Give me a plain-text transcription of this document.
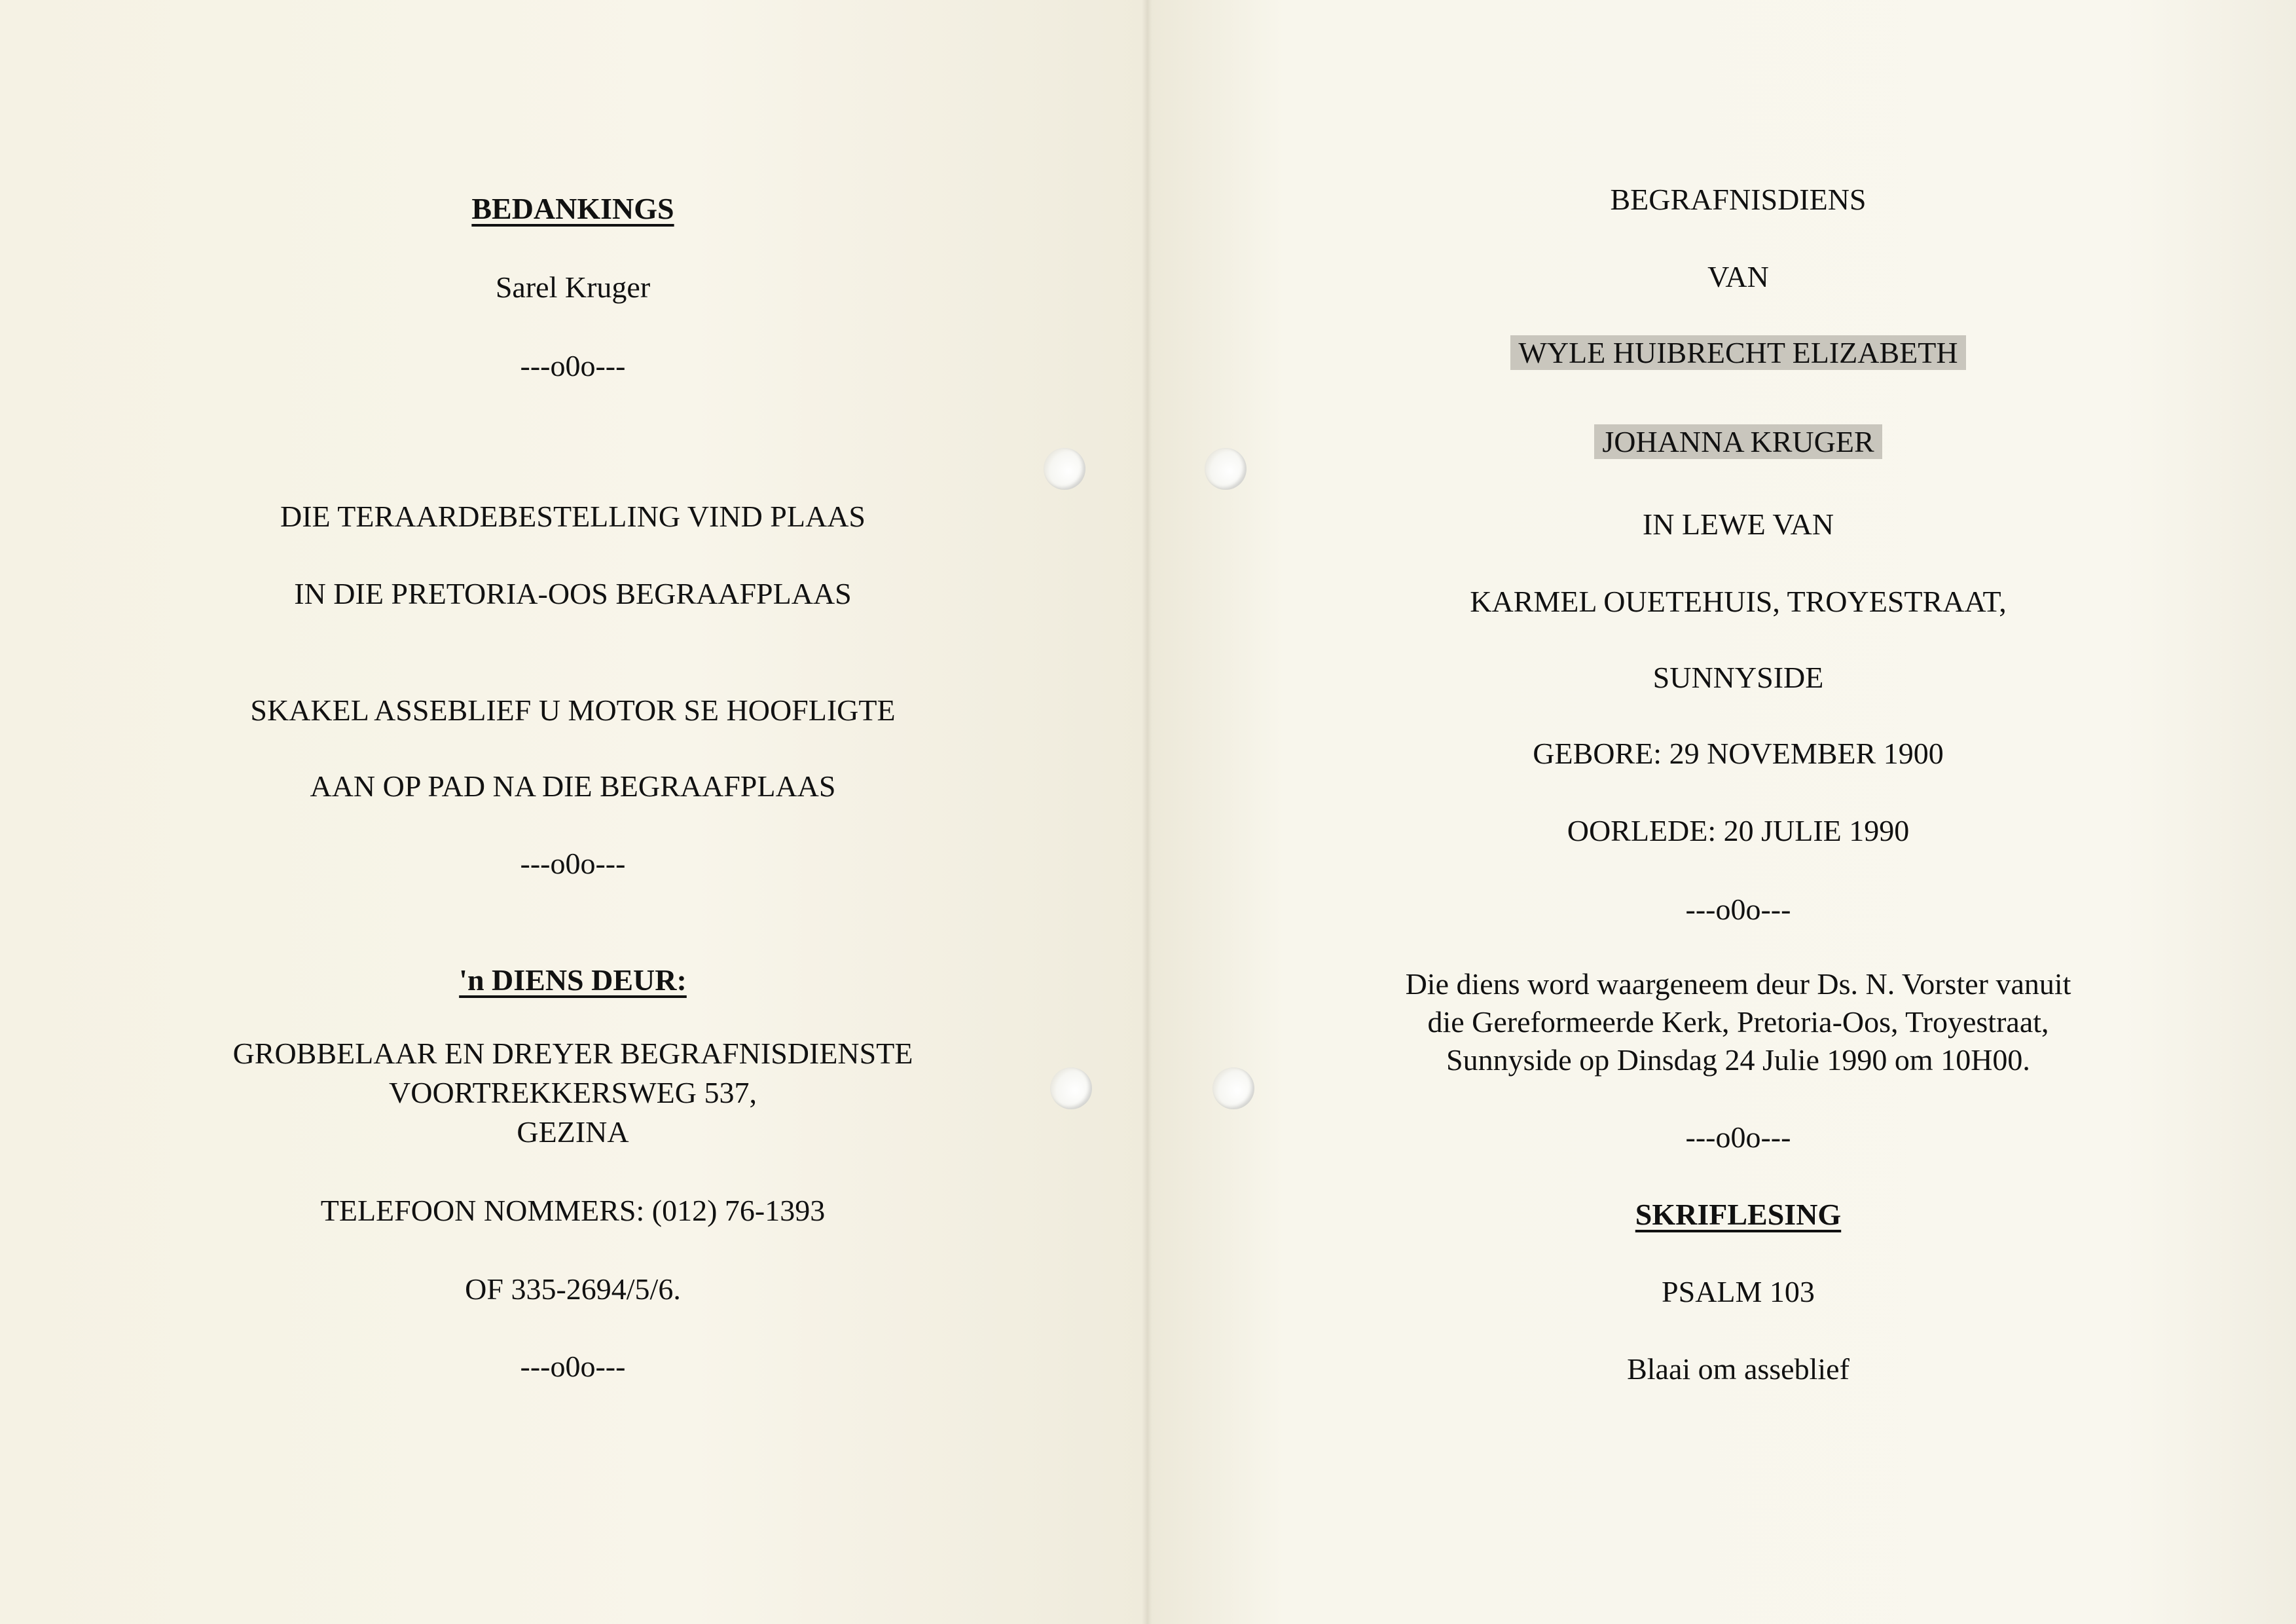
BEDANKINGS
Sarel Kruger
---o0o---
DIE TERAARDEBESTELLING VIND PLAAS
IN DIE PRETORIA-OOS BEGRAAFPLAAS
SKAKEL ASSEBLIEF U MOTOR SE HOOFLIGTE
AAN OP PAD NA DIE BEGRAAFPLAAS
---o0o---
'n DIENS DEUR:
GROBBELAAR EN DREYER BEGRAFNISDIENSTE
VOORTREKKERSWEG 537,
GEZINA
TELEFOON NOMMERS: (012) 76-1393
OF 335-2694/5/6.
---o0o---
BEGRAFNISDIENS
VAN
WYLE HUIBRECHT ELIZABETH
JOHANNA KRUGER
IN LEWE VAN
KARMEL OUETEHUIS, TROYESTRAAT,
SUNNYSIDE
GEBORE: 29 NOVEMBER 1900
OORLEDE: 20 JULIE 1990
---o0o---
Die diens word waargeneem deur Ds. N. Vorster vanuit
die Gereformeerde Kerk, Pretoria-Oos, Troyestraat,
Sunnyside op Dinsdag 24 Julie 1990 om 10H00.
---o0o---
SKRIFLESING
PSALM 103
Blaai om asseblief
